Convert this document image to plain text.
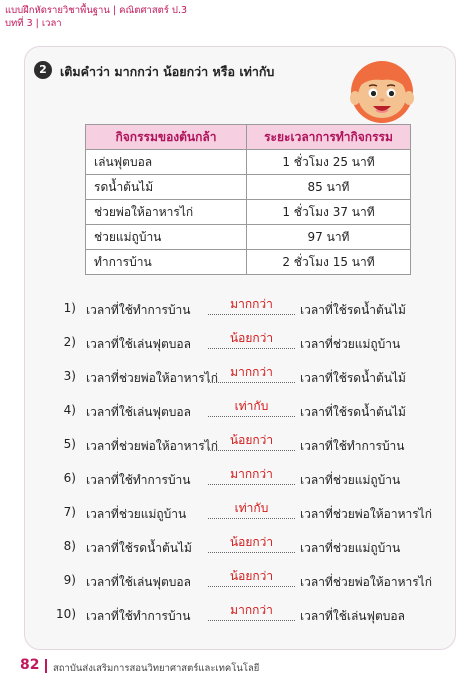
แบบฝึกหัดรายวิชาพื้นฐาน | คณิตศาสตร์ ป.3
บทที่ 3 | เวลา
2	เติมคำว่า มากกว่า น้อยกว่า หรือ เท่ากับ
กิจกรรมของต้นกล้า	ระยะเวลาการทำกิจกรรม
เล่นฟุตบอล	1 ชั่วโมง 25 นาที
รดน้ำต้นไม้	85 นาที
ช่วยพ่อให้อาหารไก่	1 ชั่วโมง 37 นาที
ช่วยแม่ถูบ้าน	97 นาที
ทำการบ้าน	2 ชั่วโมง 15 นาที
1) เวลาที่ใช้ทำการบ้าน	มากกว่า	เวลาที่ใช้รดน้ำต้นไม้
2) เวลาที่ใช้เล่นฟุตบอล	น้อยกว่า	เวลาที่ช่วยแม่ถูบ้าน
3) เวลาที่ช่วยพ่อให้อาหารไก่	มากกว่า	เวลาที่ใช้รดน้ำต้นไม้
4) เวลาที่ใช้เล่นฟุตบอล	เท่ากับ	เวลาที่ใช้รดน้ำต้นไม้
5) เวลาที่ช่วยพ่อให้อาหารไก่ น้อยกว่า	เวลาที่ใช้ทำการบ้าน
6) เวลาที่ใช้ทำการบ้าน	มากกว่า	เวลาที่ช่วยแม่ถูบ้าน
7) เวลาที่ช่วยแม่ถูบ้าน	เท่ากับ	เวลาที่ช่วยพ่อให้อาหารไก่
8) เวลาที่ใช้รดน้ำต้นไม้	น้อยกว่า	เวลาที่ช่วยแม่ถูบ้าน
9) เวลาที่ใช้เล่นฟุตบอล	น้อยกว่า	เวลาที่ช่วยพ่อให้อาหารไก่
10) เวลาที่ใช้ทำการบ้าน	มากกว่า	เวลาที่ใช้เล่นฟุตบอล
82 สถาบันส่งเสริมการสอนวิทยาศาสตร์และเทคโนโลยี
